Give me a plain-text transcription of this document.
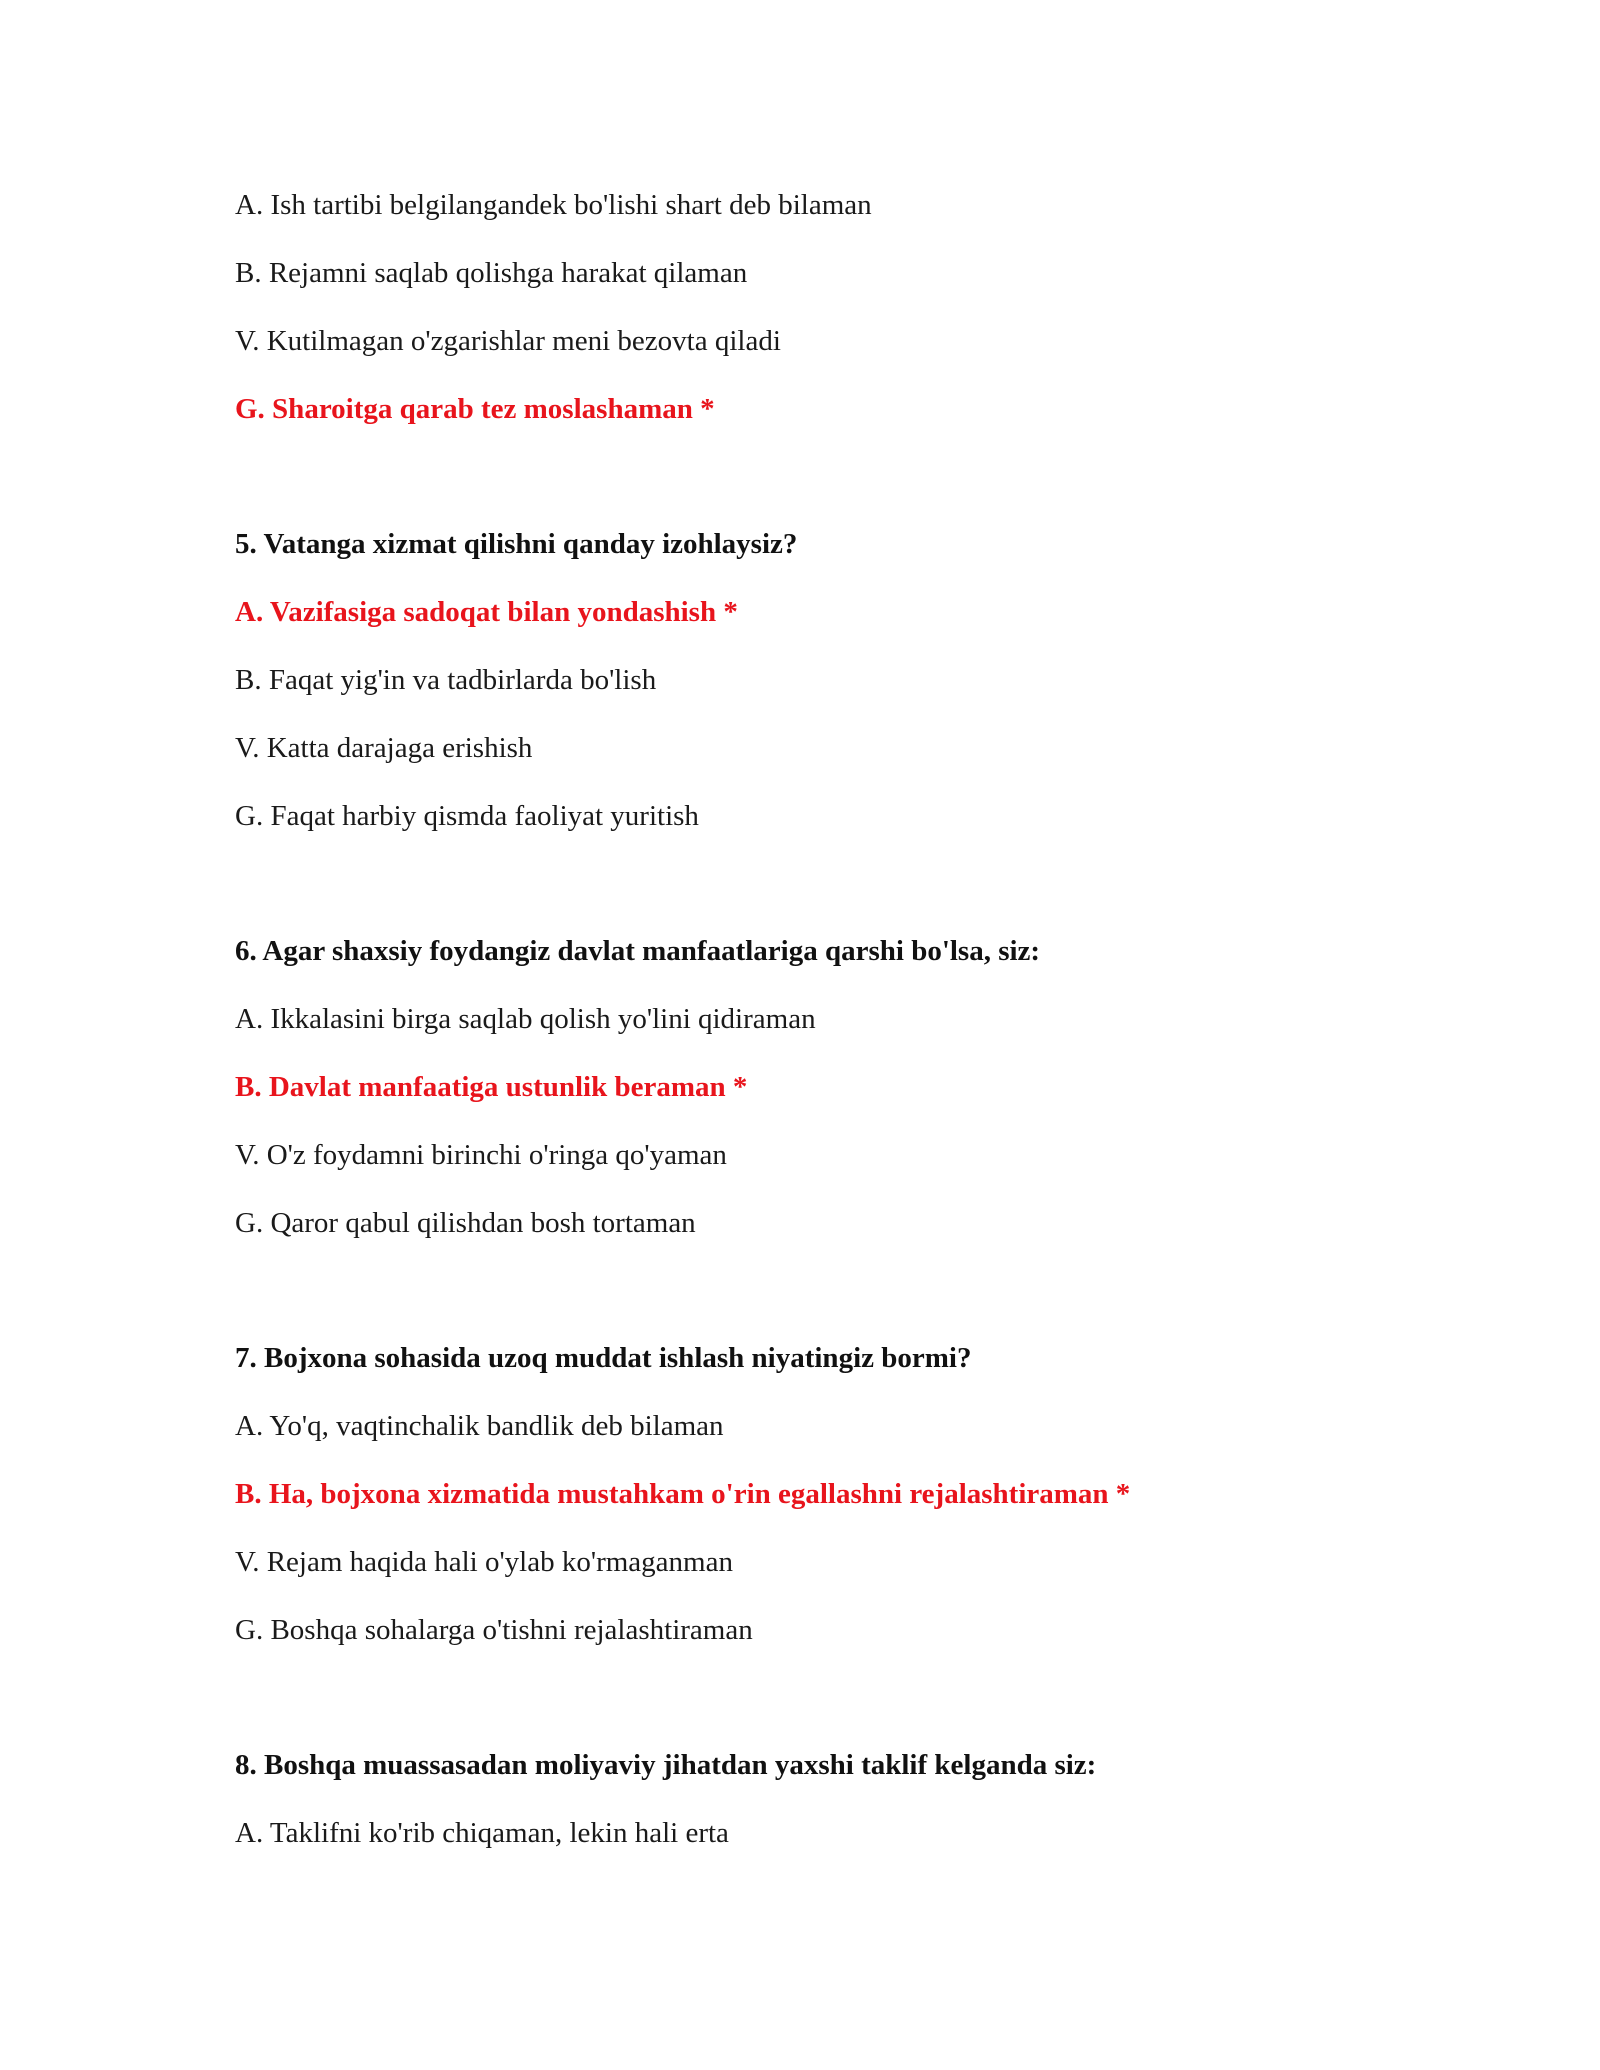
A. Ish tartibi belgilangandek bo'lishi shart deb bilaman
B. Rejamni saqlab qolishga harakat qilaman
V. Kutilmagan o'zgarishlar meni bezovta qiladi
G. Sharoitga qarab tez moslashaman *
5. Vatanga xizmat qilishni qanday izohlaysiz?
A. Vazifasiga sadoqat bilan yondashish *
B. Faqat yig'in va tadbirlarda bo'lish
V. Katta darajaga erishish
G. Faqat harbiy qismda faoliyat yuritish
6. Agar shaxsiy foydangiz davlat manfaatlariga qarshi bo'lsa, siz:
A. Ikkalasini birga saqlab qolish yo'lini qidiraman
B. Davlat manfaatiga ustunlik beraman *
V. O'z foydamni birinchi o'ringa qo'yaman
G. Qaror qabul qilishdan bosh tortaman
7. Bojxona sohasida uzoq muddat ishlash niyatingiz bormi?
A. Yo'q, vaqtinchalik bandlik deb bilaman
B. Ha, bojxona xizmatida mustahkam o'rin egallashni rejalashtiraman *
V. Rejam haqida hali o'ylab ko'rmaganman
G. Boshqa sohalarga o'tishni rejalashtiraman
8. Boshqa muassasadan moliyaviy jihatdan yaxshi taklif kelganda siz:
A. Taklifni ko'rib chiqaman, lekin hali erta
